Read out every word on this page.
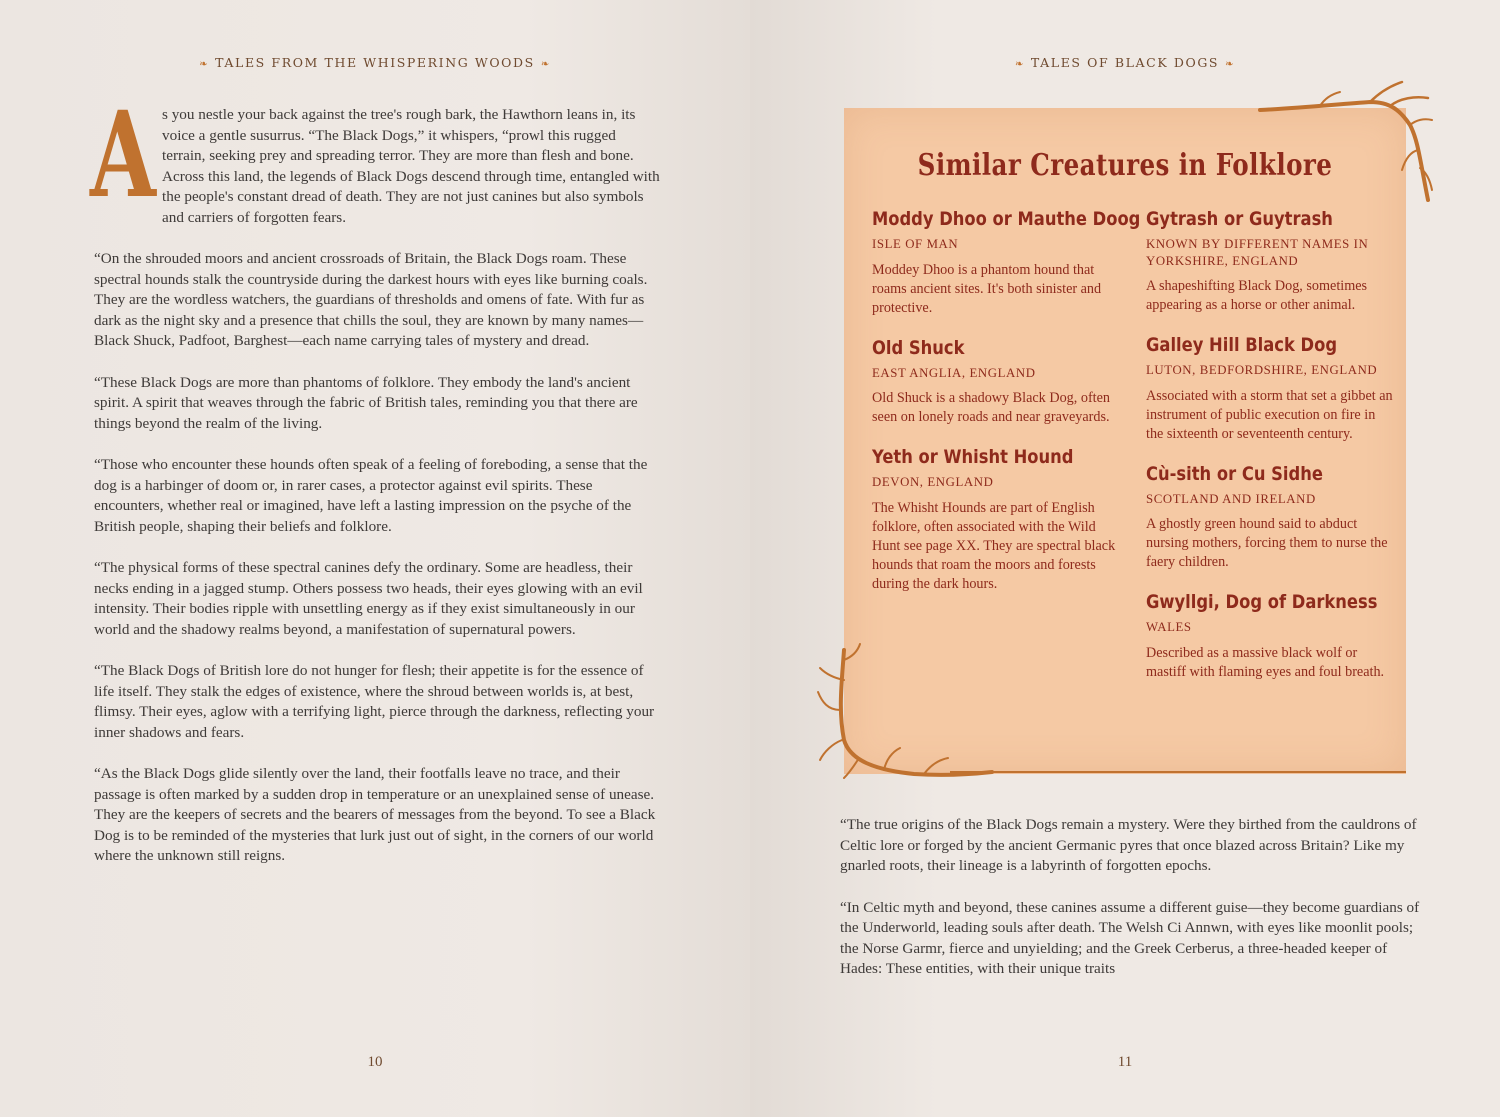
❧ TALES FROM THE WHISPERING WOODS ❧

As you nestle your back against the tree's rough bark, the Hawthorn leans in, its voice a gentle susurrus. “The Black Dogs,” it whispers, “prowl this rugged terrain, seeking prey and spreading terror. They are more than flesh and bone. Across this land, the legends of Black Dogs descend through time, entangled with the people's constant dread of death. They are not just canines but also symbols and carriers of forgotten fears.

“On the shrouded moors and ancient crossroads of Britain, the Black Dogs roam. These spectral hounds stalk the countryside during the darkest hours with eyes like burning coals. They are the wordless watchers, the guardians of thresholds and omens of fate. With fur as dark as the night sky and a presence that chills the soul, they are known by many names—Black Shuck, Padfoot, Barghest—each name carrying tales of mystery and dread.

“These Black Dogs are more than phantoms of folklore. They embody the land's ancient spirit. A spirit that weaves through the fabric of British tales, reminding you that there are things beyond the realm of the living.

“Those who encounter these hounds often speak of a feeling of foreboding, a sense that the dog is a harbinger of doom or, in rarer cases, a protector against evil spirits. These encounters, whether real or imagined, have left a lasting impression on the psyche of the British people, shaping their beliefs and folklore.

“The physical forms of these spectral canines defy the ordinary. Some are headless, their necks ending in a jagged stump. Others possess two heads, their eyes glowing with an evil intensity. Their bodies ripple with unsettling energy as if they exist simultaneously in our world and the shadowy realms beyond, a manifestation of supernatural powers.

“The Black Dogs of British lore do not hunger for flesh; their appetite is for the essence of life itself. They stalk the edges of existence, where the shroud between worlds is, at best, flimsy. Their eyes, aglow with a terrifying light, pierce through the darkness, reflecting your inner shadows and fears.

“As the Black Dogs glide silently over the land, their footfalls leave no trace, and their passage is often marked by a sudden drop in temperature or an unexplained sense of unease. They are the keepers of secrets and the bearers of messages from the beyond. To see a Black Dog is to be reminded of the mysteries that lurk just out of sight, in the corners of our world where the unknown still reigns.

10
❧ TALES OF BLACK DOGS ❧

“The true origins of the Black Dogs remain a mystery. Were they birthed from the cauldrons of Celtic lore or forged by the ancient Germanic pyres that once blazed across Britain? Like my gnarled roots, their lineage is a labyrinth of forgotten epochs.

“In Celtic myth and beyond, these canines assume a different guise—they become guardians of the Underworld, leading souls after death. The Welsh Ci Annwn, with eyes like moonlit pools; the Norse Garmr, fierce and unyielding; and the Greek Cerberus, a three-headed keeper of Hades: These entities, with their unique traits

11
Similar Creatures in Folklore
Moddy Dhoo or Mauthe Doog
ISLE OF MAN
Moddey Dhoo is a phantom hound that roams ancient sites. It's both sinister and protective.
Old Shuck
EAST ANGLIA, ENGLAND
Old Shuck is a shadowy Black Dog, often seen on lonely roads and near graveyards.
Yeth or Whisht Hound
DEVON, ENGLAND
The Whisht Hounds are part of English folklore, often associated with the Wild Hunt see page XX. They are spectral black hounds that roam the moors and forests during the dark hours.
Gytrash or Guytrash
KNOWN BY DIFFERENT NAMES IN YORKSHIRE, ENGLAND
A shapeshifting Black Dog, sometimes appearing as a horse or other animal.
Galley Hill Black Dog
LUTON, BEDFORDSHIRE, ENGLAND
Associated with a storm that set a gibbet an instrument of public execution on fire in the sixteenth or seventeenth century.
Cù-sith or Cu Sidhe
SCOTLAND AND IRELAND
A ghostly green hound said to abduct nursing mothers, forcing them to nurse the faery children.
Gwyllgi, Dog of Darkness
WALES
Described as a massive black wolf or mastiff with flaming eyes and foul breath.
